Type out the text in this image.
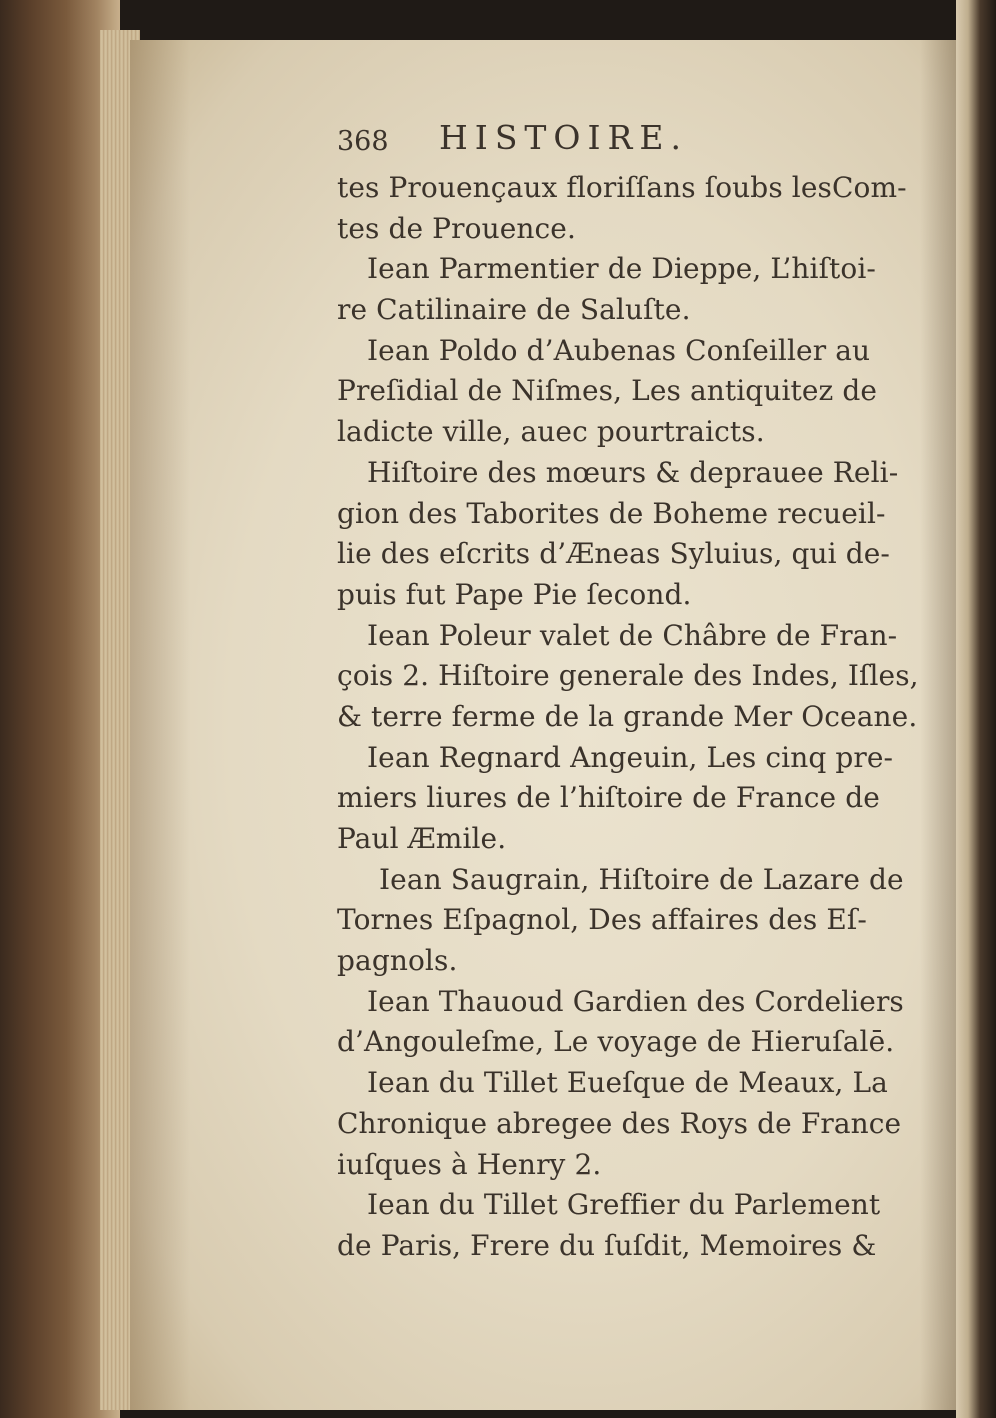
368 HISTOIRE.
tes Prouençaux floriſſans ſoubs lesCom-
tes de Prouence.
Iean Parmentier de Dieppe, L’hiſtoi-
re Catilinaire de Saluſte.
Iean Poldo d’Aubenas Conſeiller au
Preſidial de Niſmes, Les antiquitez de
ladicte ville, auec pourtraicts.
Hiſtoire des mœurs & deprauee Reli-
gion des Taborites de Boheme recueil-
lie des eſcrits d’Æneas Syluius, qui de-
puis fut Pape Pie ſecond.
Iean Poleur valet de Châbre de Fran-
çois 2. Hiſtoire generale des Indes, Iſles,
& terre ferme de la grande Mer Oceane.
Iean Regnard Angeuin, Les cinq pre-
miers liures de l’hiſtoire de France de
Paul Æmile.
Iean Saugrain, Hiſtoire de Lazare de
Tornes Eſpagnol, Des affaires des Eſ-
pagnols.
Iean Thauoud Gardien des Cordeliers
d’Angouleſme, Le voyage de Hieruſalē.
Iean du Tillet Eueſque de Meaux, La
Chronique abregee des Roys de France
iuſques à Henry 2.
Iean du Tillet Greffier du Parlement
de Paris, Frere du ſuſdit, Memoires &
